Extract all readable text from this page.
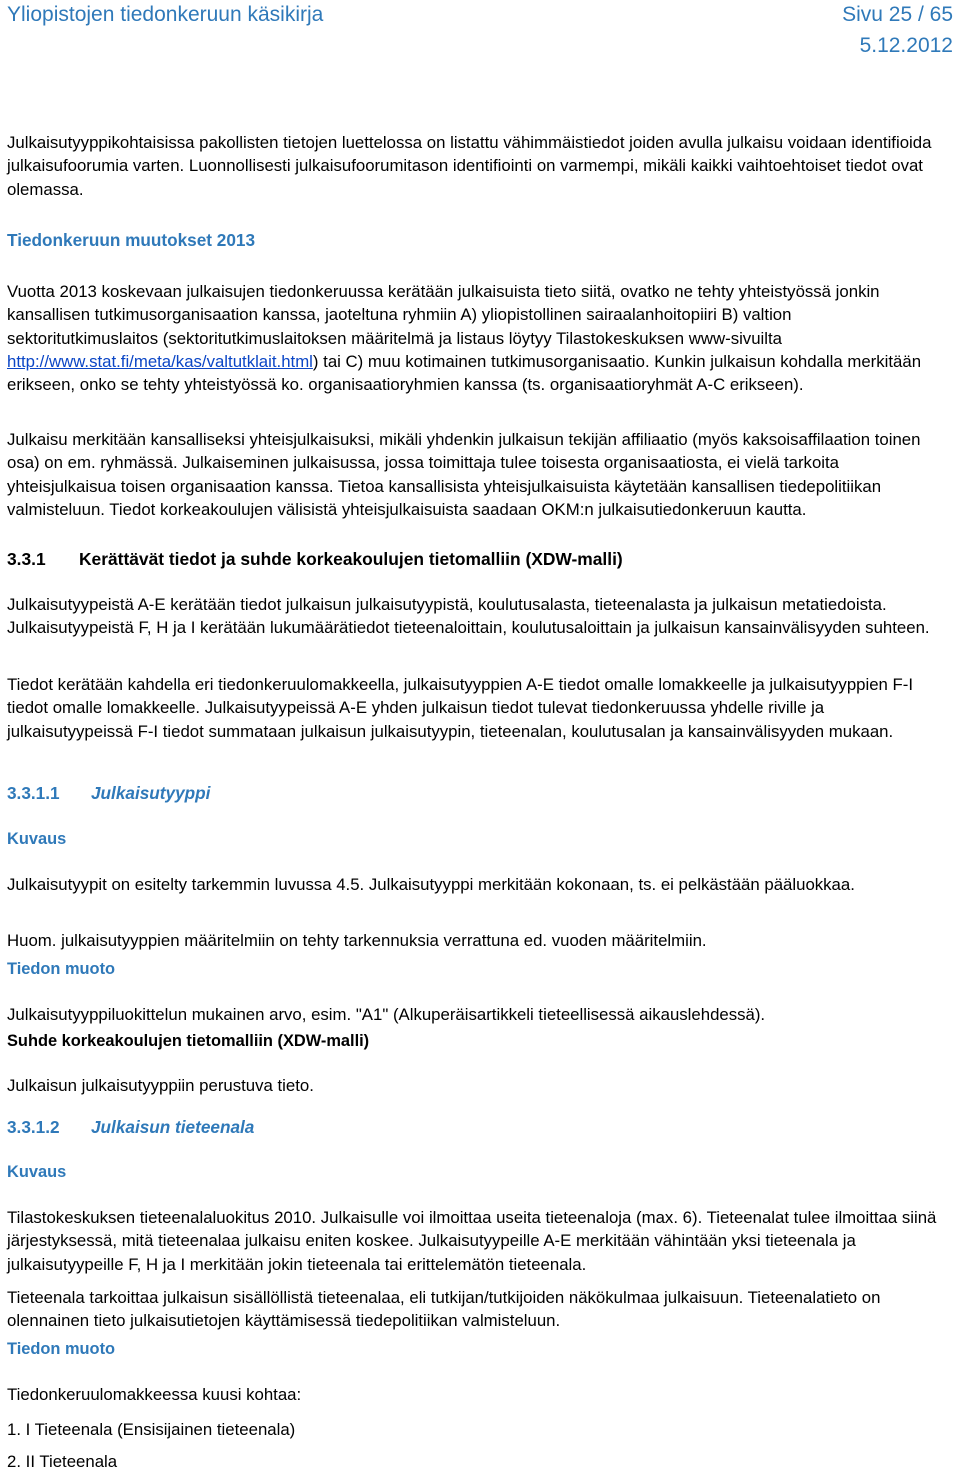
Yliopistojen tiedonkeruun käsikirja	Sivu 25 / 65
5.12.2012

Julkaisutyyppikohtaisissa pakollisten tietojen luettelossa on listattu vähimmäistiedot joiden avulla julkaisu voidaan identifioida julkaisufoorumia varten. Luonnollisesti julkaisufoorumitason identifiointi on varmempi, mikäli kaikki vaihtoehtoiset tiedot ovat olemassa.

Tiedonkeruun muutokset 2013

Vuotta 2013 koskevaan julkaisujen tiedonkeruussa kerätään julkaisuista tieto siitä, ovatko ne tehty yhteistyössä jonkin kansallisen tutkimusorganisaation kanssa, jaoteltuna ryhmiin A) yliopistollinen sairaalanhoitopiiri B) valtion sektoritutkimuslaitos (sektoritutkimuslaitoksen määritelmä ja listaus löytyy Tilastokeskuksen www-sivuilta http://www.stat.fi/meta/kas/valtutklait.html) tai C) muu kotimainen tutkimusorganisaatio. Kunkin julkaisun kohdalla merkitään erikseen, onko se tehty yhteistyössä ko. organisaatioryhmien kanssa (ts. organisaatioryhmät A-C erikseen).

Julkaisu merkitään kansalliseksi yhteisjulkaisuksi, mikäli yhdenkin julkaisun tekijän affiliaatio (myös kaksoisaffilaation toinen osa) on em. ryhmässä. Julkaiseminen julkaisussa, jossa toimittaja tulee toisesta organisaatiosta, ei vielä tarkoita yhteisjulkaisua toisen organisaation kanssa. Tietoa kansallisista yhteisjulkaisuista käytetään kansallisen tiedepolitiikan valmisteluun. Tiedot korkeakoulujen välisistä yhteisjulkaisuista saadaan OKM:n julkaisutiedonkeruun kautta.

3.3.1 Kerättävät tiedot ja suhde korkeakoulujen tietomalliin (XDW-malli)

Julkaisutyypeistä A-E kerätään tiedot julkaisun julkaisutyypistä, koulutusalasta, tieteenalasta ja julkaisun metatiedoista. Julkaisutyypeistä F, H ja I kerätään lukumäärätiedot tieteenaloittain, koulutusaloittain ja julkaisun kansainvälisyyden suhteen.

Tiedot kerätään kahdella eri tiedonkeruulomakkeella, julkaisutyyppien A-E tiedot omalle lomakkeelle ja julkaisutyyppien F-I tiedot omalle lomakkeelle. Julkaisutyypeissä A-E yhden julkaisun tiedot tulevat tiedonkeruussa yhdelle riville ja julkaisutyypeissä F-I tiedot summataan julkaisun julkaisutyypin, tieteenalan, koulutusalan ja kansainvälisyyden mukaan.

3.3.1.1 Julkaisutyyppi
Kuvaus

Julkaisutyypit on esitelty tarkemmin luvussa 4.5. Julkaisutyyppi merkitään kokonaan, ts. ei pelkästään pääluokkaa.

Huom. julkaisutyyppien määritelmiin on tehty tarkennuksia verrattuna ed. vuoden määritelmiin.

Tiedon muoto

Julkaisutyyppiluokittelun mukainen arvo, esim. "A1" (Alkuperäisartikkeli tieteellisessä aikauslehdessä).

Suhde korkeakoulujen tietomalliin (XDW-malli)

Julkaisun julkaisutyyppiin perustuva tieto.

3.3.1.2 Julkaisun tieteenala
Kuvaus

Tilastokeskuksen tieteenalaluokitus 2010. Julkaisulle voi ilmoittaa useita tieteenaloja (max. 6). Tieteenalat tulee ilmoittaa siinä järjestyksessä, mitä tieteenalaa julkaisu eniten koskee. Julkaisutyypeille A-E merkitään vähintään yksi tieteenala ja julkaisutyypeille F, H ja I merkitään jokin tieteenala tai erittelemätön tieteenala.

Tieteenala tarkoittaa julkaisun sisällöllistä tieteenalaa, eli tutkijan/tutkijoiden näkökulmaa julkaisuun. Tieteenalatieto on olennainen tieto julkaisutietojen käyttämisessä tiedepolitiikan valmisteluun.

Tiedon muoto

Tiedonkeruulomakkeessa kuusi kohtaa:

1. I Tieteenala (Ensisijainen tieteenala)

2. II Tieteenala
